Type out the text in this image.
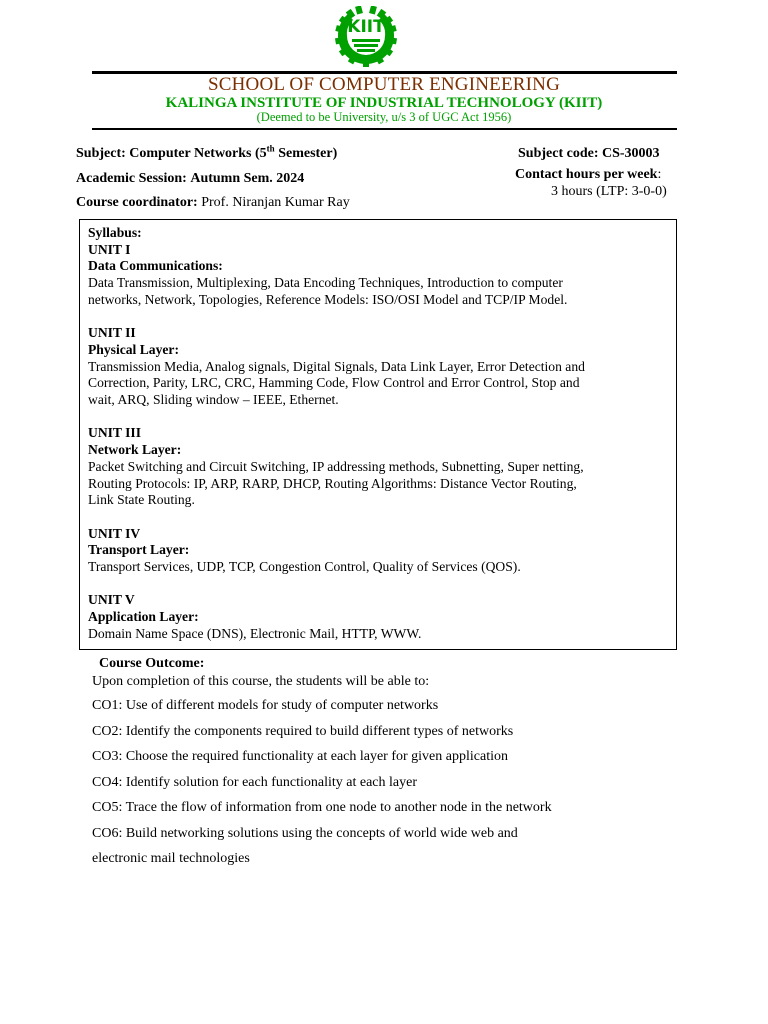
KIIT
SCHOOL OF COMPUTER ENGINEERING
KALINGA INSTITUTE OF INDUSTRIAL TECHNOLOGY (KIIT)
(Deemed to be University, u/s 3 of UGC Act 1956)
Subject: Computer Networks (5th Semester)	Subject code: CS-30003
Academic Session: Autumn Sem. 2024	Contact hours per week:
3 hours (LTP: 3-0-0)
Course coordinator: Prof. Niranjan Kumar Ray
Syllabus:
UNIT I
Data Communications:
Data Transmission, Multiplexing, Data Encoding Techniques, Introduction to computer
networks, Network, Topologies, Reference Models: ISO/OSI Model and TCP/IP Model.
UNIT II
Physical Layer:
Transmission Media, Analog signals, Digital Signals, Data Link Layer, Error Detection and
Correction, Parity, LRC, CRC, Hamming Code, Flow Control and Error Control, Stop and
wait, ARQ, Sliding window – IEEE, Ethernet.
UNIT III
Network Layer:
Packet Switching and Circuit Switching, IP addressing methods, Subnetting, Super netting,
Routing Protocols: IP, ARP, RARP, DHCP, Routing Algorithms: Distance Vector Routing,
Link State Routing.
UNIT IV
Transport Layer:
Transport Services, UDP, TCP, Congestion Control, Quality of Services (QOS).
UNIT V
Application Layer:
Domain Name Space (DNS), Electronic Mail, HTTP, WWW.
Course Outcome:
Upon completion of this course, the students will be able to:
CO1: Use of different models for study of computer networks
CO2: Identify the components required to build different types of networks
CO3: Choose the required functionality at each layer for given application
CO4: Identify solution for each functionality at each layer
CO5: Trace the flow of information from one node to another node in the network
CO6: Build networking solutions using the concepts of world wide web and
electronic mail technologies
